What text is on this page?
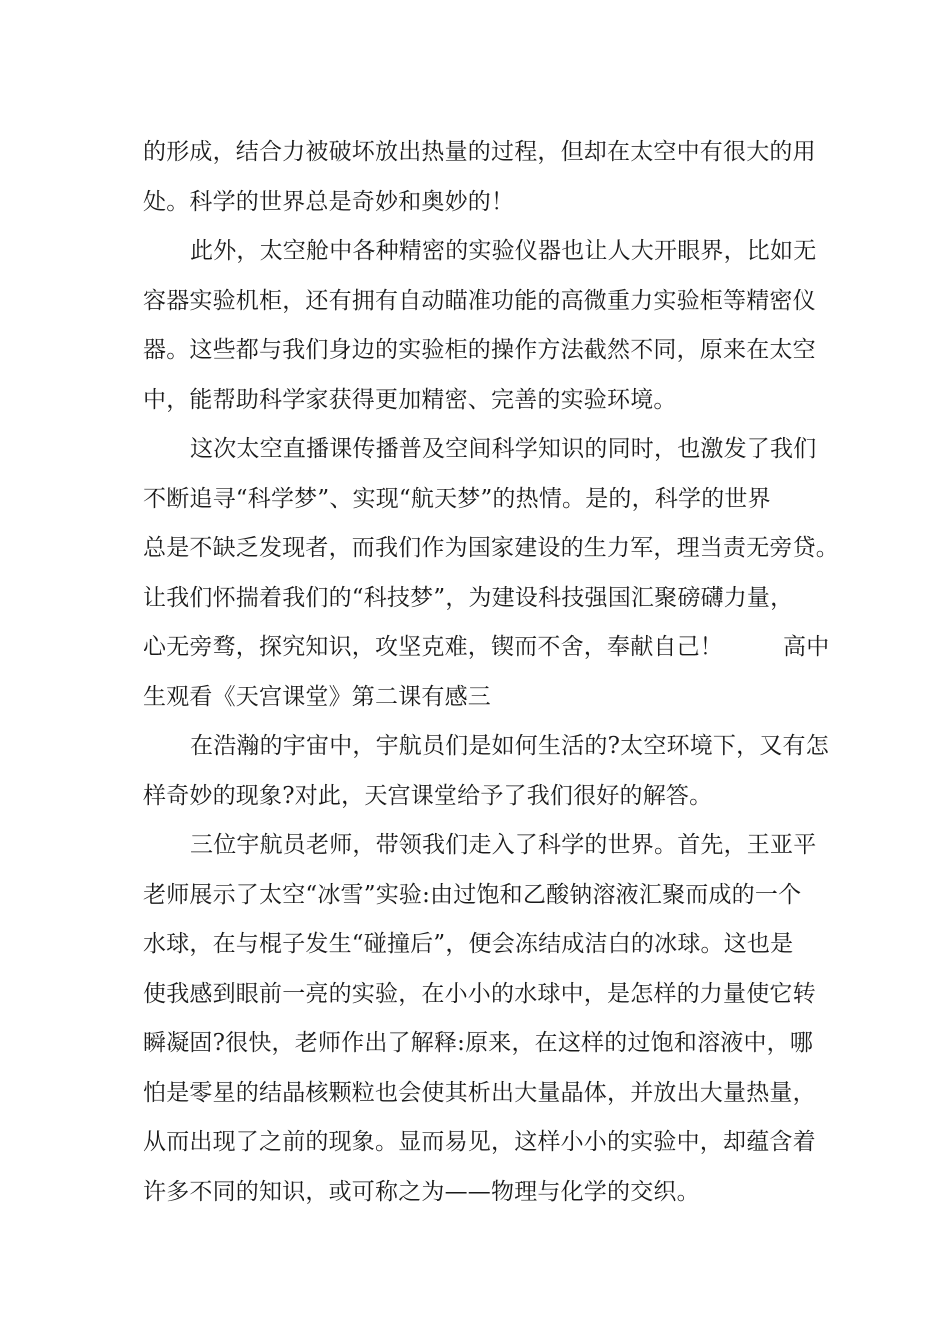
的形成，结合力被破坏放出热量的过程，但却在太空中有很大的用
处。科学的世界总是奇妙和奥妙的！
此外，太空舱中各种精密的实验仪器也让人大开眼界，比如无
容器实验机柜，还有拥有自动瞄准功能的高微重力实验柜等精密仪
器。这些都与我们身边的实验柜的操作方法截然不同，原来在太空
中，能帮助科学家获得更加精密、完善的实验环境。
这次太空直播课传播普及空间科学知识的同时，也激发了我们
不断追寻“科学梦”、实现“航天梦”的热情。是的，科学的世界
总是不缺乏发现者，而我们作为国家建设的生力军，理当责无旁贷。
让我们怀揣着我们的“科技梦”，为建设科技强国汇聚磅礴力量，
心无旁骛，探究知识，攻坚克难，锲而不舍，奉献自己！	高中
生观看《天宫课堂》第二课有感三
在浩瀚的宇宙中，宇航员们是如何生活的?太空环境下，又有怎
样奇妙的现象?对此，天宫课堂给予了我们很好的解答。
三位宇航员老师，带领我们走入了科学的世界。首先，王亚平
老师展示了太空“冰雪”实验:由过饱和乙酸钠溶液汇聚而成的一个
水球，在与棍子发生“碰撞后”，便会冻结成洁白的冰球。这也是
使我感到眼前一亮的实验，在小小的水球中，是怎样的力量使它转
瞬凝固?很快，老师作出了解释:原来，在这样的过饱和溶液中，哪
怕是零星的结晶核颗粒也会使其析出大量晶体，并放出大量热量，
从而出现了之前的现象。显而易见，这样小小的实验中，却蕴含着
许多不同的知识，或可称之为——物理与化学的交织。
